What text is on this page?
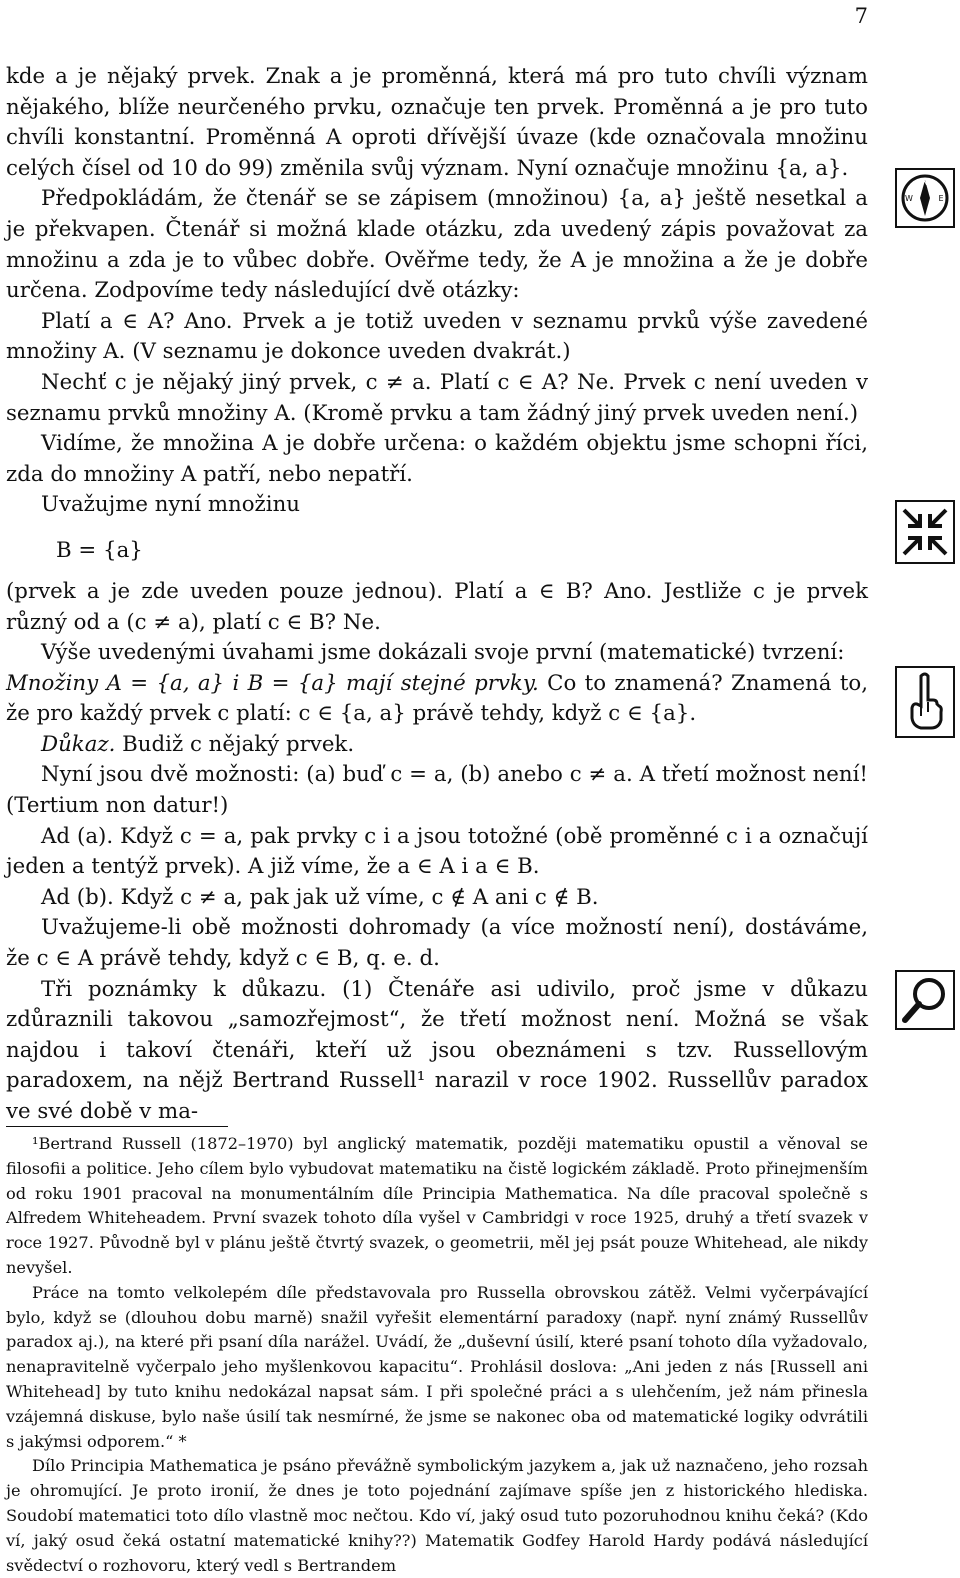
7

kde a je nějaký prvek. Znak a je proměnná, která má pro tuto chvíli význam nějakého, blíže neurčeného prvku, označuje ten prvek. Proměnná a je pro tuto chvíli konstantní. Proměnná A oproti dřívější úvaze (kde označovala množinu celých čísel od 10 do 99) změnila svůj význam. Nyní označuje množinu {a, a}.

Předpokládám, že čtenář se se zápisem (množinou) {a, a} ještě nesetkal a je překvapen. Čtenář si možná klade otázku, zda uvedený zápis považovat za množinu a zda je to vůbec dobře. Ověřme tedy, že A je množina a že je dobře určena. Zodpovíme tedy následující dvě otázky:

Platí a ∈ A? Ano. Prvek a je totiž uveden v seznamu prvků výše zavedené množiny A. (V seznamu je dokonce uveden dvakrát.)

Nechť c je nějaký jiný prvek, c ≠ a. Platí c ∈ A? Ne. Prvek c není uveden v seznamu prvků množiny A. (Kromě prvku a tam žádný jiný prvek uveden není.)

Vidíme, že množina A je dobře určena: o každém objektu jsme schopni říci, zda do množiny A patří, nebo nepatří.

Uvažujme nyní množinu

B = {a}

(prvek a je zde uveden pouze jednou). Platí a ∈ B? Ano. Jestliže c je prvek různý od a (c ≠ a), platí c ∈ B? Ne.

Výše uvedenými úvahami jsme dokázali svoje první (matematické) tvrzení:

Množiny A = {a, a} i B = {a} mají stejné prvky. Co to znamená? Znamená to, že pro každý prvek c platí: c ∈ {a, a} právě tehdy, když c ∈ {a}.

Důkaz. Budiž c nějaký prvek.

Nyní jsou dvě možnosti: (a) buď c = a, (b) anebo c ≠ a. A třetí možnost není! (Tertium non datur!)

Ad (a). Když c = a, pak prvky c i a jsou totožné (obě proměnné c i a označují jeden a tentýž prvek). A již víme, že a ∈ A i a ∈ B.

Ad (b). Když c ≠ a, pak jak už víme, c ∉ A ani c ∉ B.

Uvažujeme-li obě možnosti dohromady (a více možností není), dostáváme, že c ∈ A právě tehdy, když c ∈ B, q. e. d.

Tři poznámky k důkazu. (1) Čtenáře asi udivilo, proč jsme v důkazu zdůraznili takovou „samozřejmost“, že třetí možnost není. Možná se však najdou i takoví čtenáři, kteří už jsou obeznámeni s tzv. Russellovým paradoxem, na nějž Bertrand Russell¹ narazil v roce 1902. Russellův paradox ve své době v ma-

¹Bertrand Russell (1872–1970) byl anglický matematik, později matematiku opustil a věnoval se filosofii a politice. Jeho cílem bylo vybudovat matematiku na čistě logickém základě. Proto přinejmenším od roku 1901 pracoval na monumentálním díle Principia Mathematica. Na díle pracoval společně s Alfredem Whiteheadem. První svazek tohoto díla vyšel v Cambridgi v roce 1925, druhý a třetí svazek v roce 1927. Původně byl v plánu ještě čtvrtý svazek, o geometrii, měl jej psát pouze Whitehead, ale nikdy nevyšel.

Práce na tomto velkolepém díle představovala pro Russella obrovskou zátěž. Velmi vyčerpávající bylo, když se (dlouhou dobu marně) snažil vyřešit elementární paradoxy (např. nyní známý Russellův paradox aj.), na které při psaní díla narážel. Uvádí, že „duševní úsilí, které psaní tohoto díla vyžadovalo, nenapravitelně vyčerpalo jeho myšlenkovou kapacitu“. Prohlásil doslova: „Ani jeden z nás [Russell ani Whitehead] by tuto knihu nedokázal napsat sám. I při společné práci a s ulehčením, jež nám přinesla vzájemná diskuse, bylo naše úsilí tak nesmírné, že jsme se nakonec oba od matematické logiky odvrátili s jakýmsi odporem.“ *

Dílo Principia Mathematica je psáno převážně symbolickým jazykem a, jak už naznačeno, jeho rozsah je ohromující. Je proto ironií, že dnes je toto pojednání zajímave spíše jen z historického hlediska. Soudobí matematici toto dílo vlastně moc nečtou. Kdo ví, jaký osud tuto pozoruhodnou knihu čeká? (Kdo ví, jaký osud čeká ostatní matematické knihy??) Matematik Godfey Harold Hardy podává následující svědectví o rozhovoru, který vedl s Bertrandem

N
W	E
